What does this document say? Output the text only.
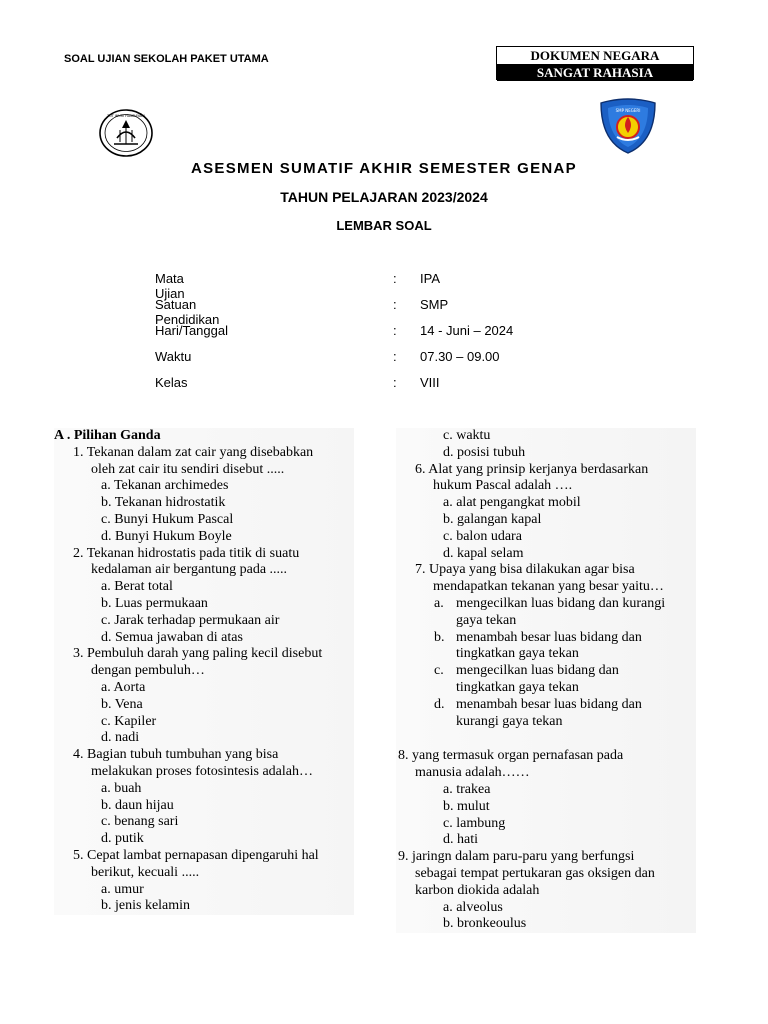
SOAL UJIAN SEKOLAH PAKET UTAMA	DOKUMEN NEGARA
SANGAT RAHASIA
TUT WURI HANDAYANI
SMP NEGERI
ASESMEN SUMATIF AKHIR SEMESTER GENAP
TAHUN PELAJARAN 2023/2024
LEMBAR SOAL
Mata Ujian
: IPA
Satuan Pendidikan
: SMP
Hari/Tanggal	: 14 - Juni – 2024
Waktu	: 07.30 – 09.00
Kelas	: VIII
A . Pilihan Ganda
1. Tekanan dalam zat cair yang disebabkan
oleh zat cair itu sendiri disebut .....
a. Tekanan archimedes
b. Tekanan hidrostatik
c. Bunyi Hukum Pascal
d. Bunyi Hukum Boyle
2. Tekanan hidrostatis pada titik di suatu
kedalaman air bergantung pada .....
a. Berat total
b. Luas permukaan
c. Jarak terhadap permukaan air
d. Semua jawaban di atas
3. Pembuluh darah yang paling kecil disebut
dengan pembuluh…
a. Aorta
b. Vena
c. Kapiler
d. nadi
4. Bagian tubuh tumbuhan yang bisa
melakukan proses fotosintesis adalah…
a. buah
b. daun hijau
c. benang sari
d. putik
5. Cepat lambat pernapasan dipengaruhi hal
berikut, kecuali .....
a. umur
b. jenis kelamin
c. waktu
d. posisi tubuh
6. Alat yang prinsip kerjanya berdasarkan
hukum Pascal adalah ….
a. alat pengangkat mobil
b. galangan kapal
c. balon udara
d. kapal selam
7. Upaya yang bisa dilakukan agar bisa
mendapatkan tekanan yang besar yaitu…
a. mengecilkan luas bidang dan kurangi
gaya tekan
b. menambah besar luas bidang dan
tingkatkan gaya tekan
c. mengecilkan luas bidang dan
tingkatkan gaya tekan
d. menambah besar luas bidang dan
kurangi gaya tekan
8. yang termasuk organ pernafasan pada
manusia adalah……
a. trakea
b. mulut
c. lambung
d. hati
9. jaringn dalam paru-paru yang berfungsi
sebagai tempat pertukaran gas oksigen dan
karbon diokida adalah
a. alveolus
b. bronkeoulus
